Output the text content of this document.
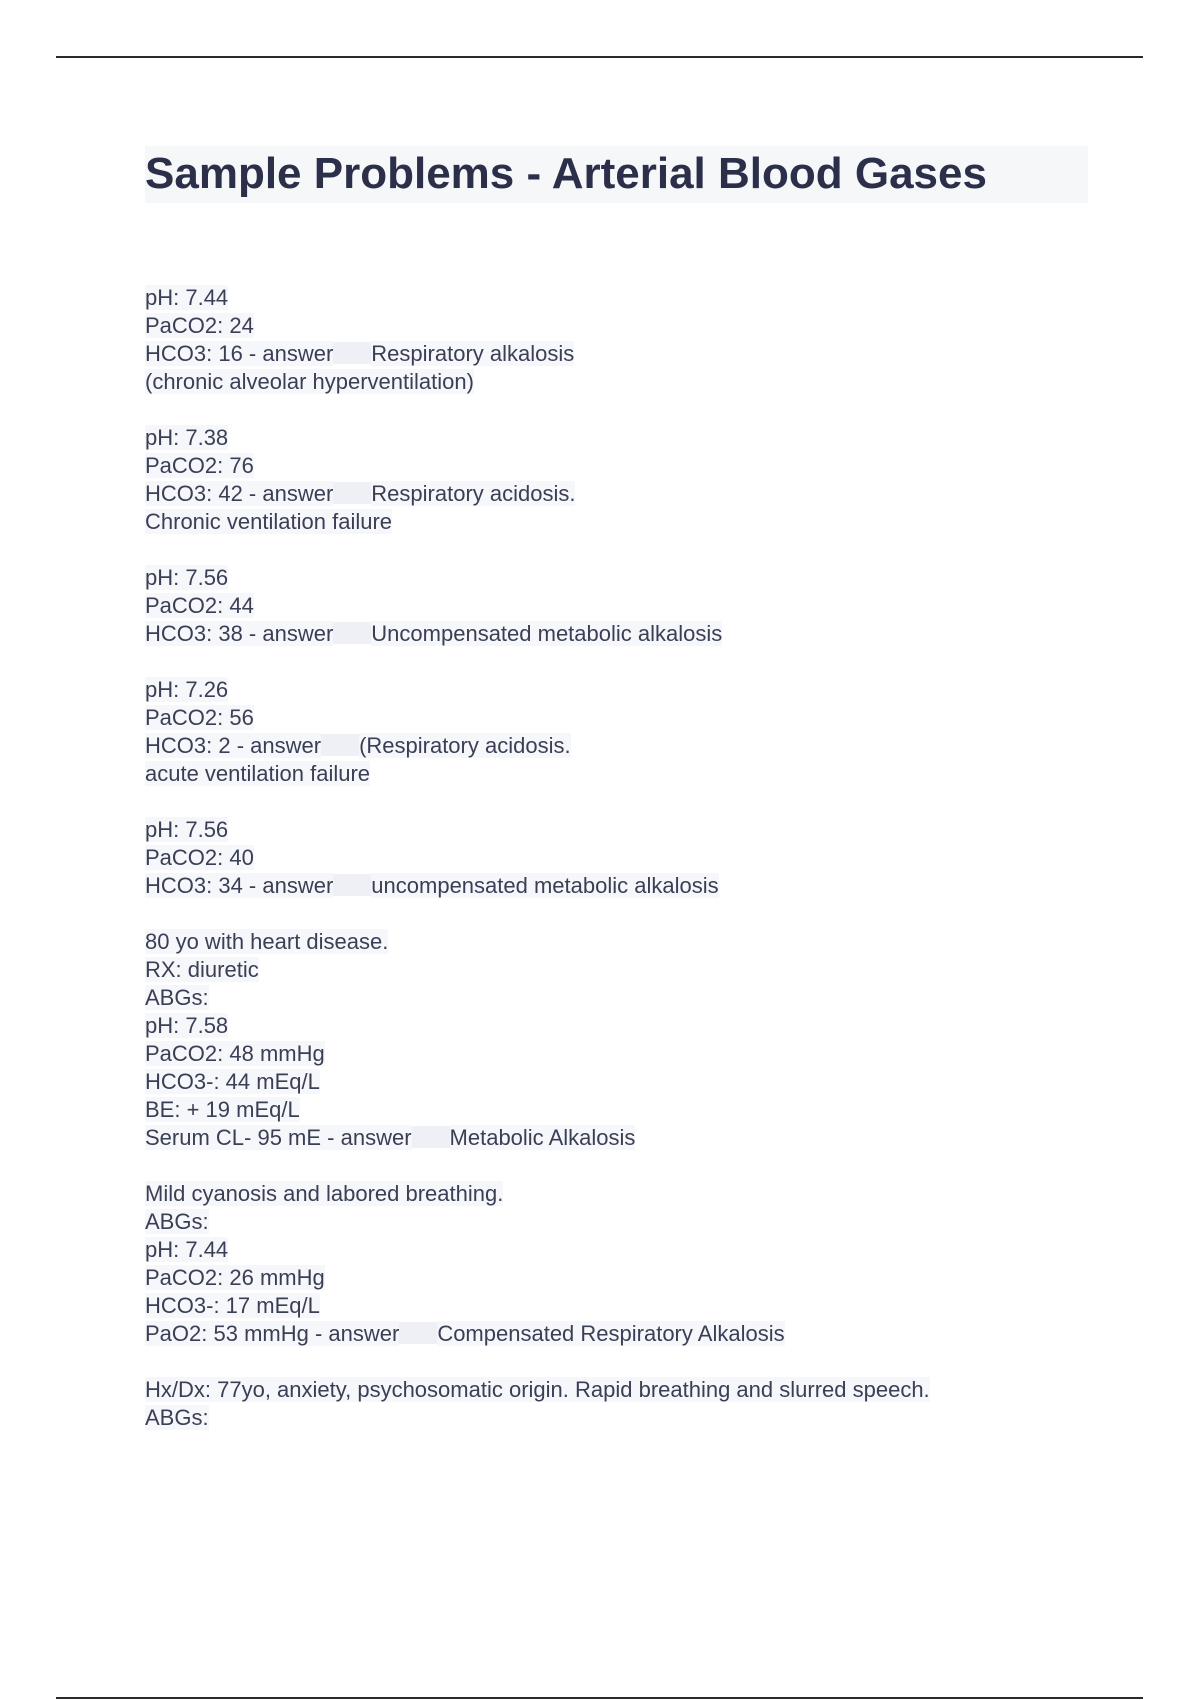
Sample Problems - Arterial Blood Gases
pH: 7.44
PaCO2: 24
HCO3: 16 - answer Respiratory alkalosis
(chronic alveolar hyperventilation)
pH: 7.38
PaCO2: 76
HCO3: 42 - answer Respiratory acidosis.
Chronic ventilation failure
pH: 7.56
PaCO2: 44
HCO3: 38 - answer Uncompensated metabolic alkalosis
pH: 7.26
PaCO2: 56
HCO3: 2 - answer (Respiratory acidosis.
acute ventilation failure
pH: 7.56
PaCO2: 40
HCO3: 34 - answer uncompensated metabolic alkalosis
80 yo with heart disease.
RX: diuretic
ABGs:
pH: 7.58
PaCO2: 48 mmHg
HCO3-: 44 mEq/L
BE: + 19 mEq/L
Serum CL- 95 mE - answer Metabolic Alkalosis
Mild cyanosis and labored breathing.
ABGs:
pH: 7.44
PaCO2: 26 mmHg
HCO3-: 17 mEq/L
PaO2: 53 mmHg - answer Compensated Respiratory Alkalosis
Hx/Dx: 77yo, anxiety, psychosomatic origin. Rapid breathing and slurred speech.
ABGs:
